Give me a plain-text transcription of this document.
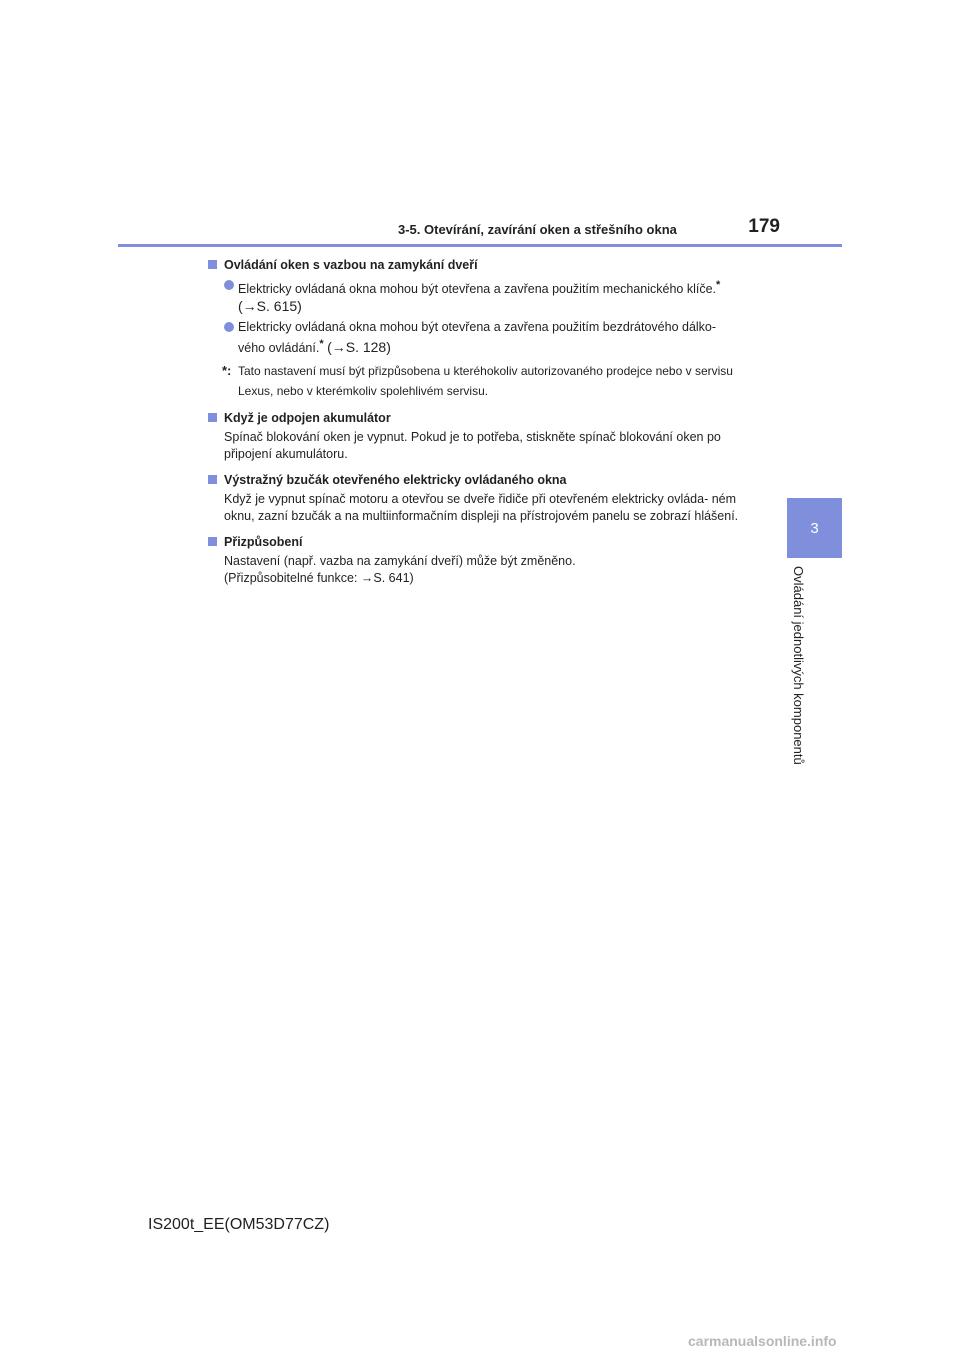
3-5. Otevírání, zavírání oken a střešního okna	179
3
Ovládání jednotlivých komponentů
Ovládání oken s vazbou na zamykání dveří
Elektricky ovládaná okna mohou být otevřena a zavřena použitím mechanického klíče.*
(→S. 615)
Elektricky ovládaná okna mohou být otevřena a zavřena použitím bezdrátového dálko-
vého ovládání.* (→S. 128)
*: Tato nastavení musí být přizpůsobena u kteréhokoliv autorizovaného prodejce nebo v servisu Lexus, nebo v kterémkoliv spolehlivém servisu.
Když je odpojen akumulátor
Spínač blokování oken je vypnut. Pokud je to potřeba, stiskněte spínač blokování oken po připojení akumulátoru.
Výstražný bzučák otevřeného elektricky ovládaného okna
Když je vypnut spínač motoru a otevřou se dveře řidiče při otevřeném elektricky ovláda- ném oknu, zazní bzučák a na multiinformačním displeji na přístrojovém panelu se zobrazí hlášení.
Přizpůsobení
Nastavení (např. vazba na zamykání dveří) může být změněno.
(Přizpůsobitelné funkce: →S. 641)
IS200t_EE(OM53D77CZ)
carmanualsonline.info
